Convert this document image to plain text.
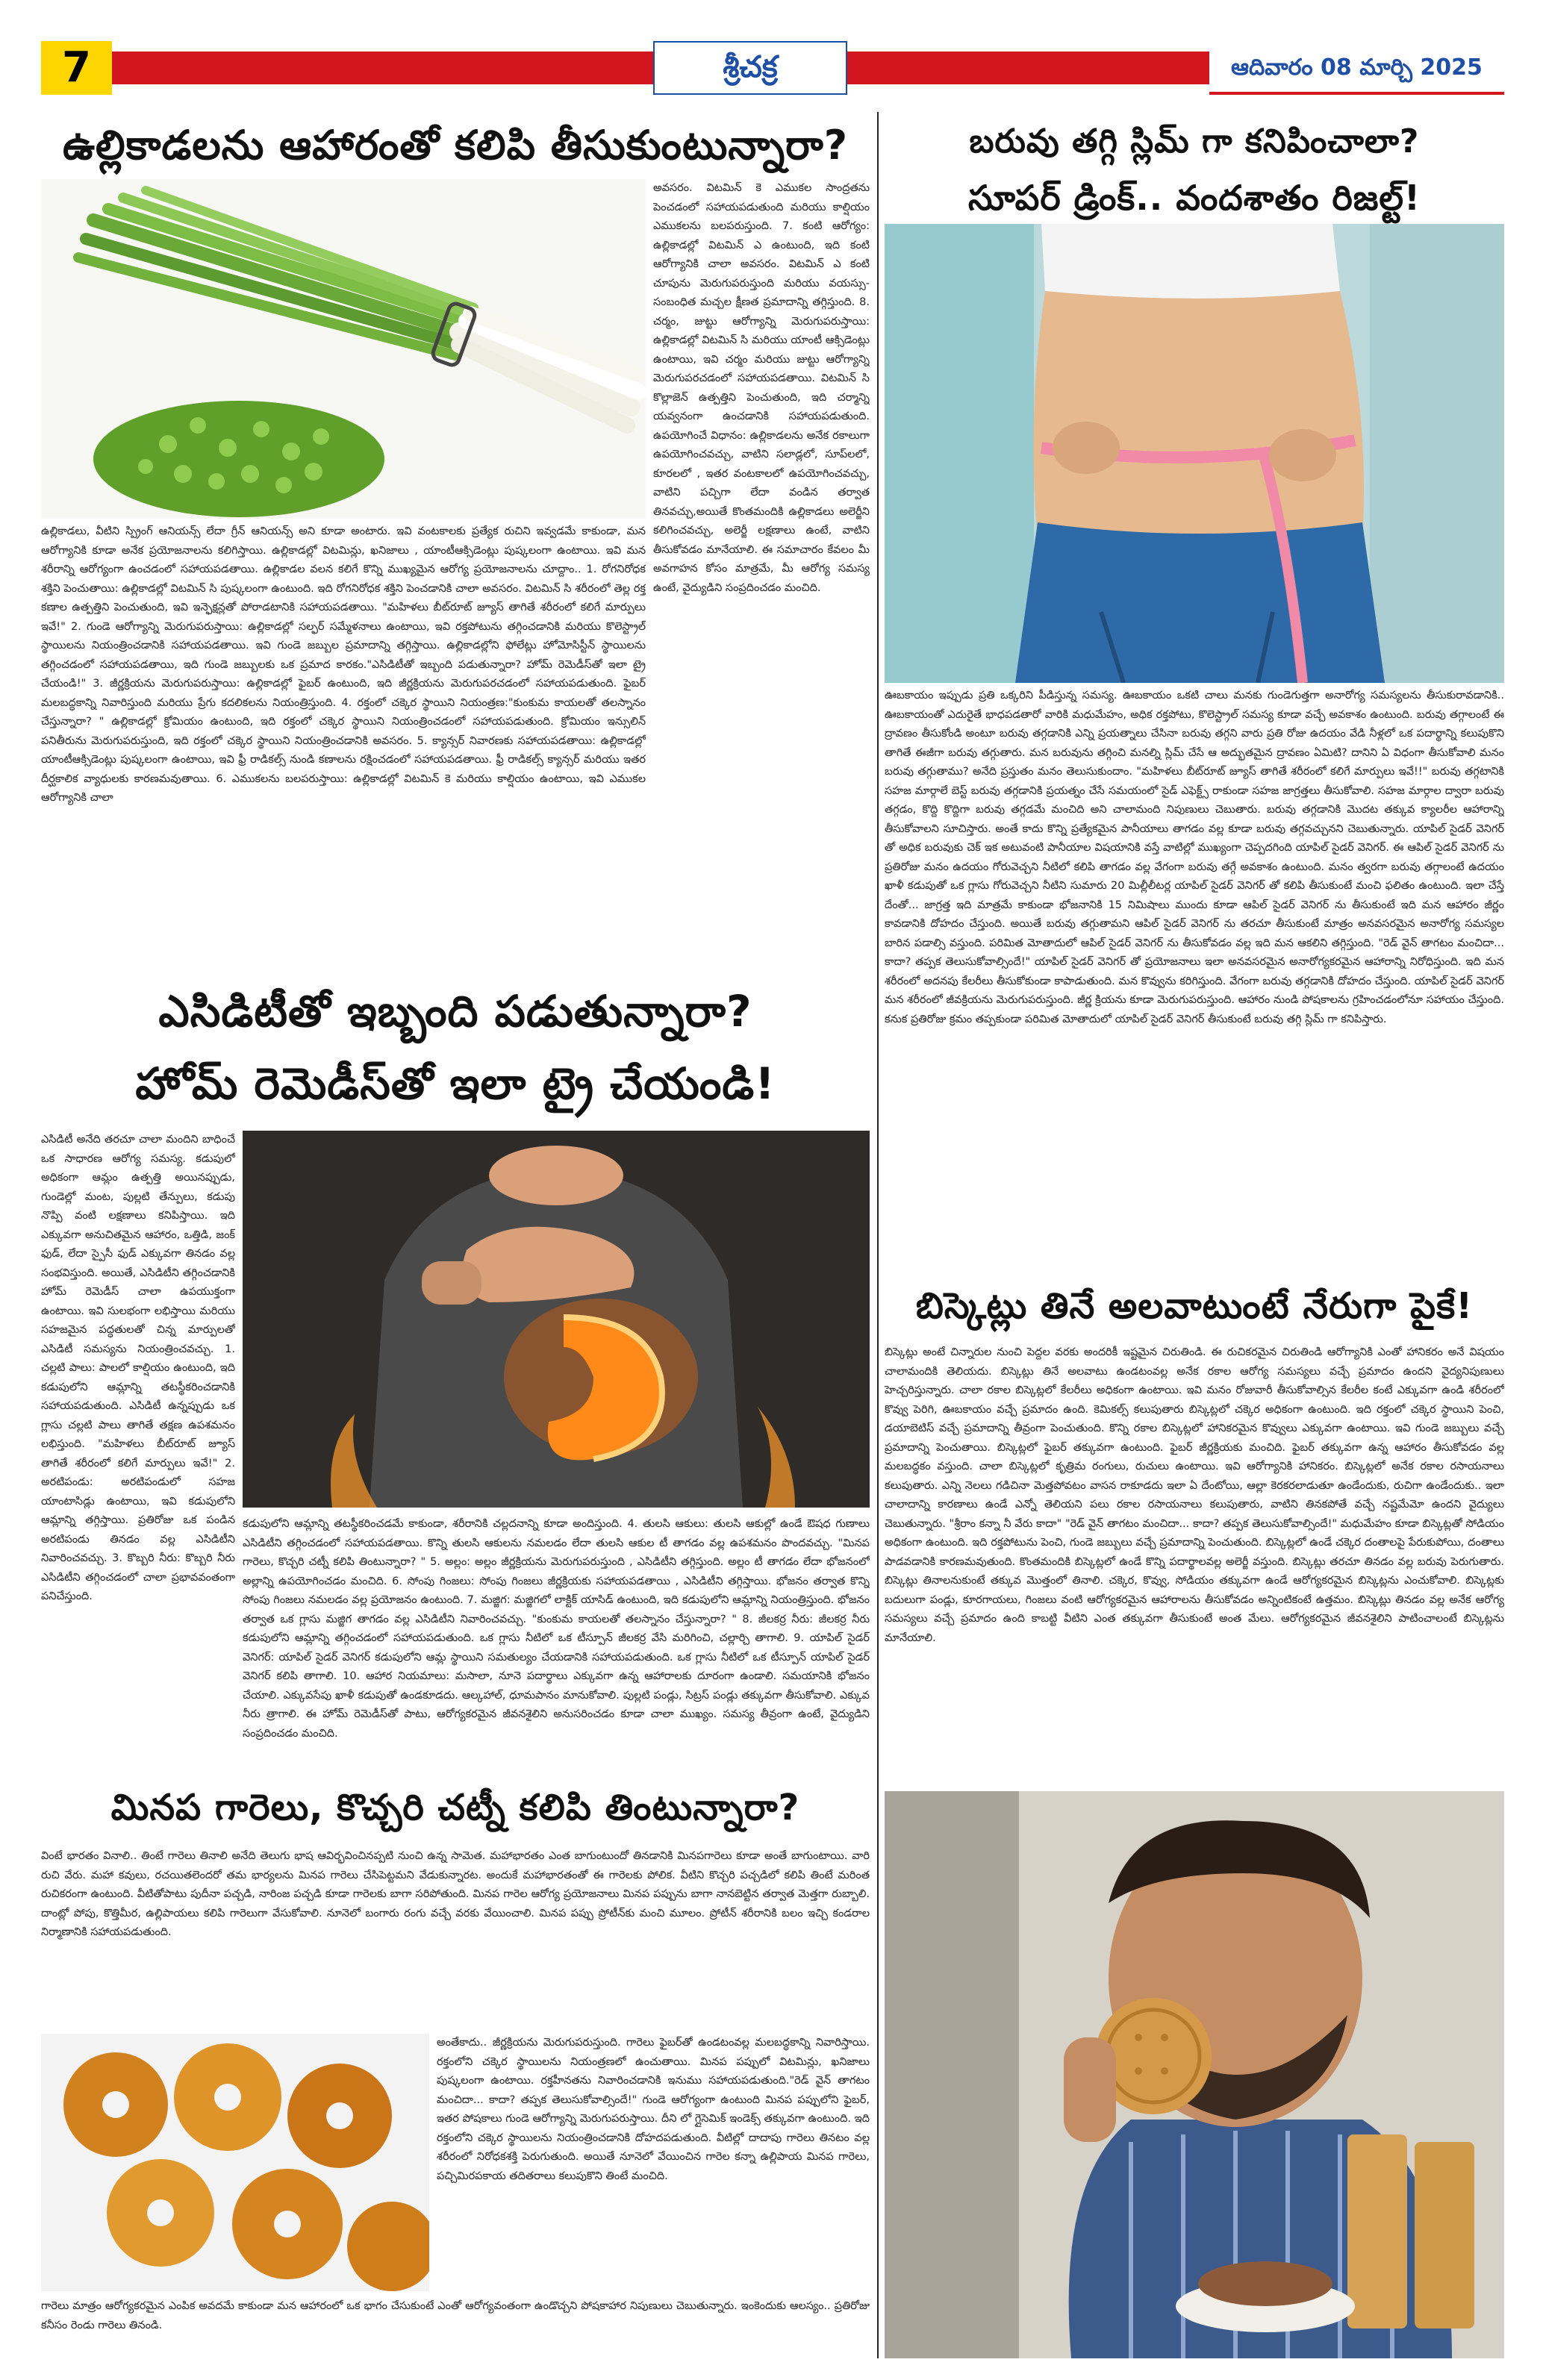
7	శ్రీచక్ర	ఆదివారం 08 మార్చి 2025
ఉల్లికాడలను ఆహారంతో కలిపి తీసుకుంటున్నారా?
అవసరం. విటమిన్ కె ఎముకల సాంద్రతను పెంచడంలో సహాయపడుతుంది మరియు కాల్షియం ఎముకలను బలపరుస్తుంది. 7. కంటి ఆరోగ్యం: ఉల్లికాడల్లో విటమిన్ ఎ ఉంటుంది, ఇది కంటి ఆరోగ్యానికి చాలా అవసరం. విటమిన్ ఎ కంటి చూపును మెరుగుపరుస్తుంది మరియు వయస్సు-సంబంధిత మచ్చల క్షీణత ప్రమాదాన్ని తగ్గిస్తుంది. 8. చర్మం, జుట్టు ఆరోగ్యాన్ని మెరుగుపరుస్తాయి: ఉల్లికాడల్లో విటమిన్ సి మరియు యాంటీ ఆక్సిడెంట్లు ఉంటాయి, ఇవి చర్మం మరియు జుట్టు ఆరోగ్యాన్ని మెరుగుపరచడంలో సహాయపడతాయి. విటమిన్ సి కొల్లాజెన్ ఉత్పత్తిని పెంచుతుంది, ఇది చర్మాన్ని యవ్వనంగా ఉంచడానికి సహాయపడుతుంది. ఉపయోగించే విధానం: ఉల్లికాడలను అనేక రకాలుగా ఉపయోగించవచ్చు, వాటిని సలాడ్లలో, సూప్‌లలో, కూరలలో , ఇతర వంటకాలలో ఉపయోగించవచ్చు, వాటిని పచ్చిగా లేదా వండిన తర్వాత తినవచ్చు,అయితే కొంతమందికి ఉల్లికాడలు అలెర్జీని కలిగించవచ్చు, అలెర్జీ లక్షణాలు ఉంటే, వాటిని తీసుకోవడం మానేయాలి. ఈ సమాచారం కేవలం మీ అవగాహన కోసం మాత్రమే, మీ ఆరోగ్య సమస్య ఉంటే, వైద్యుడిని సంప్రదించడం మంచిది.
ఉల్లికాడలు, వీటిని స్ప్రింగ్ ఆనియన్స్ లేదా గ్రీన్ ఆనియన్స్ అని కూడా అంటారు. ఇవి వంటకాలకు ప్రత్యేక రుచిని ఇవ్వడమే కాకుండా, మన ఆరోగ్యానికి కూడా అనేక ప్రయోజనాలను కలిగిస్తాయి. ఉల్లికాడల్లో విటమిన్లు, ఖనిజాలు , యాంటీఆక్సిడెంట్లు పుష్కలంగా ఉంటాయి. ఇవి మన శరీరాన్ని ఆరోగ్యంగా ఉంచడంలో సహాయపడతాయి. ఉల్లికాడల వలన కలిగే కొన్ని ముఖ్యమైన ఆరోగ్య ప్రయోజనాలను చూద్దాం.. 1. రోగనిరోధక శక్తిని పెంచుతాయి: ఉల్లికాడల్లో విటమిన్ సి పుష్కలంగా ఉంటుంది. ఇది రోగనిరోధక శక్తిని పెంచడానికి చాలా అవసరం. విటమిన్ సి శరీరంలో తెల్ల రక్త కణాల ఉత్పత్తిని పెంచుతుంది, ఇవి ఇన్ఫెక్షన్లతో పోరాడటానికి సహాయపడతాయి. "మహిళలు బీట్‌రూట్ జ్యూస్ తాగితే శరీరంలో కలిగే మార్పులు ఇవే!" 2. గుండె ఆరోగ్యాన్ని మెరుగుపరుస్తాయి: ఉల్లికాడల్లో సల్ఫర్ సమ్మేళనాలు ఉంటాయి, ఇవి రక్తపోటును తగ్గించడానికి మరియు కొలెస్ట్రాల్ స్థాయిలను నియంత్రించడానికి సహాయపడతాయి. ఇవి గుండె జబ్బుల ప్రమాదాన్ని తగ్గిస్తాయి. ఉల్లికాడల్లోని ఫోలేట్లు హోమోసిస్టీన్ స్థాయిలను తగ్గించడంలో సహాయపడతాయి, ఇది గుండె జబ్బులకు ఒక ప్రమాద కారకం."ఎసిడిటీతో ఇబ్బంది పడుతున్నారా? హోమ్ రెమెడీస్‌తో ఇలా ట్రై చేయండి!" 3. జీర్ణక్రియను మెరుగుపరుస్తాయి: ఉల్లికాడల్లో ఫైబర్ ఉంటుంది, ఇది జీర్ణక్రియను మెరుగుపరచడంలో సహాయపడుతుంది. ఫైబర్ మలబద్ధకాన్ని నివారిస్తుంది మరియు ప్రేగు కదలికలను నియంత్రిస్తుంది. 4. రక్తంలో చక్కెర స్థాయిని నియంత్రణ:"కుంకుమ కాయలతో తలస్నానం చేస్తున్నారా? " ఉల్లికాడల్లో క్రోమియం ఉంటుంది, ఇది రక్తంలో చక్కెర స్థాయిని నియంత్రించడంలో సహాయపడుతుంది. క్రోమియం ఇన్సులిన్ పనితీరును మెరుగుపరుస్తుంది, ఇది రక్తంలో చక్కెర స్థాయిని నియంత్రించడానికి అవసరం. 5. క్యాన్సర్ నివారణకు సహాయపడతాయి: ఉల్లికాడల్లో యాంటీఆక్సిడెంట్లు పుష్కలంగా ఉంటాయి, ఇవి ఫ్రీ రాడికల్స్ నుండి కణాలను రక్షించడంలో సహాయపడతాయి. ఫ్రీ రాడికల్స్ క్యాన్సర్ మరియు ఇతర దీర్ఘకాలిక వ్యాధులకు కారణమవుతాయి. 6. ఎముకలను బలపరుస్తాయి: ఉల్లికాడల్లో విటమిన్ కె మరియు కాల్షియం ఉంటాయి, ఇవి ఎముకల ఆరోగ్యానికి చాలా
ఎసిడిటీతో ఇబ్బంది పడుతున్నారా?
హోమ్ రెమెడీస్‌తో ఇలా ట్రై చేయండి!
ఎసిడిటీ అనేది తరచూ చాలా మందిని బాధించే ఒక సాధారణ ఆరోగ్య సమస్య. కడుపులో అధికంగా ఆమ్లం ఉత్పత్తి అయినప్పుడు, గుండెల్లో మంట, పుల్లటి తేన్పులు, కడుపు నొప్పి వంటి లక్షణాలు కనిపిస్తాయి. ఇది ఎక్కువగా అనుచితమైన ఆహారం, ఒత్తిడి, జంక్ ఫుడ్, లేదా స్పైసీ ఫుడ్ ఎక్కువగా తినడం వల్ల సంభవిస్తుంది. అయితే, ఎసిడిటీని తగ్గించడానికి హోమ్ రెమెడీస్ చాలా ఉపయుక్తంగా ఉంటాయి. ఇవి సులభంగా లభిస్తాయి మరియు సహజమైన పద్ధతులతో చిన్న మార్పులతో ఎసిడిటీ సమస్యను నియంత్రించవచ్చు. 1. చల్లటి పాలు: పాలలో కాల్షియం ఉంటుంది, ఇది కడుపులోని ఆమ్లాన్ని తటస్థీకరించడానికి సహాయపడుతుంది. ఎసిడిటీ ఉన్నప్పుడు ఒక గ్లాసు చల్లటి పాలు తాగితే తక్షణ ఉపశమనం లభిస్తుంది. "మహిళలు బీట్‌రూట్ జ్యూస్ తాగితే శరీరంలో కలిగే మార్పులు ఇవే!" 2. అరటిపండు: అరటిపండులో సహజ యాంటాసిడ్లు ఉంటాయి, ఇవి కడుపులోని ఆమ్లాన్ని తగ్గిస్తాయి. ప్రతిరోజు ఒక పండిన అరటిపండు తినడం వల్ల ఎసిడిటీని నివారించవచ్చు. 3. కొబ్బరి నీరు: కొబ్బరి నీరు ఎసిడిటీని తగ్గించడంలో చాలా ప్రభావవంతంగా పనిచేస్తుంది.
కడుపులోని ఆమ్లాన్ని తటస్థీకరించడమే కాకుండా, శరీరానికి చల్లదనాన్ని కూడా అందిస్తుంది. 4. తులసి ఆకులు: తులసి ఆకుల్లో ఉండే ఔషధ గుణాలు ఎసిడిటీని తగ్గించడంలో సహాయపడతాయి. కొన్ని తులసి ఆకులను నమలడం లేదా తులసి ఆకుల టీ తాగడం వల్ల ఉపశమనం పొందవచ్చు. "మినప గారెలు, కొచ్చరి చట్నీ కలిపి తింటున్నారా? " 5. అల్లం: అల్లం జీర్ణక్రియను మెరుగుపరుస్తుంది , ఎసిడిటీని తగ్గిస్తుంది. అల్లం టీ తాగడం లేదా భోజనంలో అల్లాన్ని ఉపయోగించడం మంచిది. 6. సోంపు గింజలు: సోంపు గింజలు జీర్ణక్రియకు సహాయపడతాయి , ఎసిడిటీని తగ్గిస్తాయి. భోజనం తర్వాత కొన్ని సోంపు గింజలు నమలడం వల్ల ప్రయోజనం ఉంటుంది. 7. మజ్జిగ: మజ్జిగలో లాక్టిక్ యాసిడ్ ఉంటుంది, ఇది కడుపులోని ఆమ్లాన్ని నియంత్రిస్తుంది. భోజనం తర్వాత ఒక గ్లాసు మజ్జిగ తాగడం వల్ల ఎసిడిటీని నివారించవచ్చు. "కుంకుమ కాయలతో తలస్నానం చేస్తున్నారా? " 8. జీలకర్ర నీరు: జీలకర్ర నీరు కడుపులోని ఆమ్లాన్ని తగ్గించడంలో సహాయపడుతుంది. ఒక గ్లాసు నీటిలో ఒక టీస్పూన్ జీలకర్ర వేసి మరిగించి, చల్లార్చి తాగాలి. 9. యాపిల్ సైడర్ వెనిగర్: యాపిల్ సైడర్ వెనిగర్ కడుపులోని ఆమ్ల స్థాయిని సమతుల్యం చేయడానికి సహాయపడుతుంది. ఒక గ్లాసు నీటిలో ఒక టీస్పూన్ యాపిల్ సైడర్ వెనిగర్ కలిపి తాగాలి. 10. ఆహార నియమాలు: మసాలా, నూనె పదార్థాలు ఎక్కువగా ఉన్న ఆహారాలకు దూరంగా ఉండాలి. సమయానికి భోజనం చేయాలి. ఎక్కువసేపు ఖాళీ కడుపుతో ఉండకూడదు. ఆల్కహాల్, ధూమపానం మానుకోవాలి. పుల్లటి పండ్లు, సిట్రస్ పండ్లు తక్కువగా తీసుకోవాలి. ఎక్కువ నీరు త్రాగాలి. ఈ హోమ్ రెమెడీస్‌తో పాటు, ఆరోగ్యకరమైన జీవనశైలిని అనుసరించడం కూడా చాలా ముఖ్యం. సమస్య తీవ్రంగా ఉంటే, వైద్యుడిని సంప్రదించడం మంచిది.
మినప గారెలు, కొచ్చరి చట్నీ కలిపి తింటున్నారా?
వింటే భారతం వినాలి.. తింటే గారెలు తినాలి అనేది తెలుగు భాష ఆవిర్భవించినప్పటి నుంచి ఉన్న సామెత. మహాభారతం ఎంత బాగుంటుందో తినడానికి మినపగారెలు కూడా అంతే బాగుంటాయి. వారి రుచి వేరు. మహా కవులు, రచయితలెందరో తమ భార్యలను మినప గారెలు చేసిపెట్టమని వేడుకున్నారట. అందుకే మహాభారతంతో ఈ గారెలకు పోలిక. వీటిని కొచ్చరి పచ్చడిలో కలిపి తింటే మరింత రుచికరంగా ఉంటుంది. వీటితోపాటు పుదీనా పచ్చడి, నారింజ పచ్చడి కూడా గారెలకు బాగా సరిపోతుంది. మినప గారెల ఆరోగ్య ప్రయోజనాలు మినప పప్పును బాగా నానబెట్టిన తర్వాత మెత్తగా రుబ్బాలి. దాంట్లో పోపు, కొత్తిమీర, ఉల్లిపాయలు కలిపి గారెలుగా వేసుకోవాలి. నూనెలో బంగారు రంగు వచ్చే వరకు వేయించాలి. మినప పప్పు ప్రోటీన్‌కు మంచి మూలం. ప్రోటీన్ శరీరానికి బలం ఇచ్చి కండరాల నిర్మాణానికి సహాయపడుతుంది.
అంతేకాదు.. జీర్ణక్రియను మెరుగుపరుస్తుంది. గారెలు ఫైబర్‌తో ఉండటంవల్ల మలబద్ధకాన్ని నివారిస్తాయి. రక్తంలోని చక్కెర స్థాయిలను నియంత్రణలో ఉంచుతాయి. మినప పప్పులో విటమిన్లు, ఖనిజాలు పుష్కలంగా ఉంటాయి. రక్తహీనతను నివారించడానికి ఇనుము సహాయపడుతుంది."రెడ్ వైన్ తాగటం మంచిదా... కాదా? తప్పక తెలుసుకోవాల్సిందే!" గుండె ఆరోగ్యంగా ఉంటుంది మినప పప్పులోని ఫైబర్, ఇతర పోషకాలు గుండె ఆరోగ్యాన్ని మెరుగుపరుస్తాయి. దీని లో గ్లైసెమిక్ ఇండెక్స్ తక్కువగా ఉంటుంది. ఇది రక్తంలోని చక్కెర స్థాయిలను నియంత్రించడానికి దోహదపడుతుంది. వీటిల్లో దాదాపు గారెలు తినటం వల్ల శరీరంలో నిరోధకశక్తి పెరుగుతుంది. అయితే నూనెలో వేయించిన గారెల కన్నా ఉల్లిపాయ మినప గారెలు, పచ్చిమిరపకాయ తదితరాలు కలుపుకొని తింటే మంచిది.
గారెలు మాత్రం ఆరోగ్యకరమైన ఎంపిక అవదమే కాకుండా మన ఆహారంలో ఒక భాగం చేసుకుంటే ఎంతో ఆరోగ్యవంతంగా ఉండొచ్చని పోషకాహార నిపుణులు చెబుతున్నారు. ఇంకెందుకు ఆలస్యం.. ప్రతిరోజు కనీసం రెండు గారెలు తినండి.
బరువు తగ్గి స్లిమ్ గా కనిపించాలా?
సూపర్ డ్రింక్.. వందశాతం రిజల్ట్!
ఊబకాయం ఇప్పుడు ప్రతి ఒక్కరిని పీడిస్తున్న సమస్య. ఊబకాయం ఒకటి చాలు మనకు గుండెగుత్తగా అనారోగ్య సమస్యలను తీసుకురావడానికి.. ఊబకాయంతో ఎదురైతే భాధపడతారో వారికి మధుమేహం, అధిక రక్తపోటు, కొలెస్ట్రాల్ సమస్య కూడా వచ్చే అవకాశం ఉంటుంది. బరువు తగ్గాలంటే ఈ ద్రావణం తీసుకోండి అంటూ బరువు తగ్గడానికి ఎన్ని ప్రయత్నాలు చేసినా బరువు తగ్గని వారు ప్రతి రోజు ఉదయం వేడి నీళ్లలో ఒక పదార్థాన్ని కలుపుకొని తాగితే ఈజీగా బరువు తగ్గుతారు. మన బరువును తగ్గించి మనల్ని స్లిమ్ చేసే ఆ అద్భుతమైన ద్రావణం ఏమిటి? దానిని ఏ విధంగా తీసుకోవాలి మనం బరువు తగ్గుతాము? అనేది ప్రస్తుతం మనం తెలుసుకుందాం. "మహిళలు బీట్‌రూట్ జ్యూస్ తాగితే శరీరంలో కలిగే మార్పులు ఇవే!!" బరువు తగ్గటానికి సహజ మార్గాలే బెస్ట్ బరువు తగ్గడానికి ప్రయత్నం చేసే సమయంలో సైడ్ ఎఫెక్ట్స్ రాకుండా సహజ జాగ్రత్తలు తీసుకోవాలి. సహజ మార్గాల ద్వారా బరువు తగ్గడం, కొద్ది కొద్దిగా బరువు తగ్గడమే మంచిది అని చాలామంది నిపుణులు చెబుతారు. బరువు తగ్గడానికి మొదట తక్కువ క్యాలరీల ఆహారాన్ని తీసుకోవాలని సూచిస్తారు. అంతే కాదు కొన్ని ప్రత్యేకమైన పానీయాలు తాగడం వల్ల కూడా బరువు తగ్గవచ్చునని చెబుతున్నారు. యాపిల్ సైడర్ వెనిగర్ తో అధిక బరువుకు చెక్ ఇక అటువంటి పానీయాల విషయానికి వస్తే వాటిల్లో ముఖ్యంగా చెప్పదగింది యాపిల్ సైడర్ వెనిగర్. ఈ ఆపిల్ సైడర్ వెనిగర్ ను ప్రతిరోజు మనం ఉదయం గోరువెచ్చని నీటిలో కలిపి తాగడం వల్ల వేగంగా బరువు తగ్గే అవకాశం ఉంటుంది. మనం త్వరగా బరువు తగ్గాలంటే ఉదయం ఖాళీ కడుపుతో ఒక గ్లాసు గోరువెచ్చని నీటిని సుమారు 20 మిల్లీలీటర్ల యాపిల్ సైడర్ వెనిగర్ తో కలిపి తీసుకుంటే మంచి ఫలితం ఉంటుంది. ఇలా చేస్తే దేంతో... జాగ్రత్త ఇది మాత్రమే కాకుండా భోజనానికి 15 నిమిషాలు ముందు కూడా ఆపిల్ సైడర్ వెనిగర్ ను తీసుకుంటే ఇది మన ఆహారం జీర్ణం కావడానికి దోహదం చేస్తుంది. అయితే బరువు తగ్గుతామని ఆపిల్ సైడర్ వెనిగర్ ను తరచూ తీసుకుంటే మాత్రం అనవసరమైన అనారోగ్య సమస్యల బారిన పడాల్సి వస్తుంది. పరిమిత మోతాదులో ఆపిల్ సైడర్ వెనిగర్ ను తీసుకోవడం వల్ల ఇది మన ఆకలిని తగ్గిస్తుంది. "రెడ్ వైన్ తాగటం మంచిదా... కాదా? తప్పక తెలుసుకోవాల్సిందే!" యాపిల్ సైడర్ వెనిగర్ తో ప్రయోజనాలు ఇలా అనవసరమైన అనారోగ్యకరమైన ఆహారాన్ని నిరోధిస్తుంది. ఇది మన శరీరంలో అదనపు కేలరీలు తీసుకోకుండా కాపాడుతుంది. మన కొవ్వును కరిగిస్తుంది. వేగంగా బరువు తగ్గడానికి దోహదం చేస్తుంది. యాపిల్ సైడర్ వెనిగర్ మన శరీరంలో జీవక్రియను మెరుగుపరుస్తుంది. జీర్ణ క్రియను కూడా మెరుగుపరుస్తుంది. ఆహారం నుండి పోషకాలను గ్రహించడంలోనూ సహాయం చేస్తుంది. కనుక ప్రతిరోజు క్రమం తప్పకుండా పరిమిత మోతాదులో యాపిల్ సైడర్ వెనిగర్ తీసుకుంటే బరువు తగ్గి స్లిమ్ గా కనిపిస్తారు.
బిస్కెట్లు తినే అలవాటుంటే నేరుగా పైకే!
బిస్కెట్లు అంటే చిన్నారుల నుంచి పెద్దల వరకు అందరికీ ఇష్టమైన చిరుతిండి. ఈ రుచికరమైన చిరుతిండి ఆరోగ్యానికి ఎంతో హానికరం అనే విషయం చాలామందికి తెలియదు. బిస్కెట్లు తినే అలవాటు ఉండటంవల్ల అనేక రకాల ఆరోగ్య సమస్యలు వచ్చే ప్రమాదం ఉందని వైద్యనిపుణులు హెచ్చరిస్తున్నారు. చాలా రకాల బిస్కెట్లలో కేలరీలు అధికంగా ఉంటాయి. ఇవి మనం రోజువారీ తీసుకోవాల్సిన కేలరీల కంటే ఎక్కువగా ఉండి శరీరంలో కొవ్వు పెరిగి, ఊబకాయం వచ్చే ప్రమాదం ఉంది. కెమికల్స్ కలుపుతారు బిస్కెట్లలో చక్కెర అధికంగా ఉంటుంది. ఇది రక్తంలో చక్కెర స్థాయిని పెంచి, డయాబెటిస్ వచ్చే ప్రమాదాన్ని తీవ్రంగా పెంచుతుంది. కొన్ని రకాల బిస్కెట్లలో హానికరమైన కొవ్వులు ఎక్కువగా ఉంటాయి. ఇవి గుండె జబ్బులు వచ్చే ప్రమాదాన్ని పెంచుతాయి. బిస్కెట్లలో ఫైబర్ తక్కువగా ఉంటుంది. ఫైబర్ జీర్ణక్రియకు మంచిది. ఫైబర్ తక్కువగా ఉన్న ఆహారం తీసుకోవడం వల్ల మలబద్ధకం వస్తుంది. చాలా బిస్కెట్లలో కృత్రిమ రంగులు, రుచులు ఉంటాయి. ఇవి ఆరోగ్యానికి హానికరం. బిస్కెట్లలో అనేక రకాల రసాయనాలు కలుపుతారు. ఎన్ని నెలలు గడిచినా మెత్తపోవటం వాసన రాకూడదు ఇలా ఏ దేంటోయి, ఆల్లా కెరకరలాడుతూ ఉండేందుకు, రుచిగా ఉండేందుకు.. ఇలా చాలాదాన్ని కారణాలు ఉండే ఎన్నో తెలియని పలు రకాల రసాయనాలు కలుపుతారు, వాటిని తినకపోతే వచ్చే నష్టమేమో ఉందని వైద్యులు చెబుతున్నారు. "శ్రీరాం కన్నా నీ వేరు కాదా" "రెడ్ వైన్ తాగటం మంచిదా... కాదా? తప్పక తెలుసుకోవాల్సిందే!" మధుమేహం కూడా బిస్కెట్లతో సోడియం అధికంగా ఉంటుంది. ఇది రక్తపోటును పెంచి, గుండె జబ్బులు వచ్చే ప్రమాదాన్ని పెంచుతుంది. బిస్కెట్లలో ఉండే చక్కెర దంతాలపై పేరుకుపోయి, దంతాలు పాడవడానికి కారణమవుతుంది. కొంతమందికి బిస్కెట్లలో ఉండే కొన్ని పదార్థాలవల్ల అలెర్జీ వస్తుంది. బిస్కెట్లు తరచూ తినడం వల్ల బరువు పెరుగుతారు. బిస్కెట్లు తినాలనుకుంటే తక్కువ మొత్తంలో తినాలి. చక్కెర, కొవ్వు, సోడియం తక్కువగా ఉండే ఆరోగ్యకరమైన బిస్కెట్లను ఎంచుకోవాలి. బిస్కెట్లకు బదులుగా పండ్లు, కూరగాయలు, గింజలు వంటి ఆరోగ్యకరమైన ఆహారాలను తీసుకోవడం అన్నింటికంటే ఉత్తమం. బిస్కెట్లు తినడం వల్ల అనేక ఆరోగ్య సమస్యలు వచ్చే ప్రమాదం ఉంది కాబట్టి వీటిని ఎంత తక్కువగా తీసుకుంటే అంత మేలు. ఆరోగ్యకరమైన జీవనశైలిని పాటించాలంటే బిస్కెట్లను మానేయాలి.
